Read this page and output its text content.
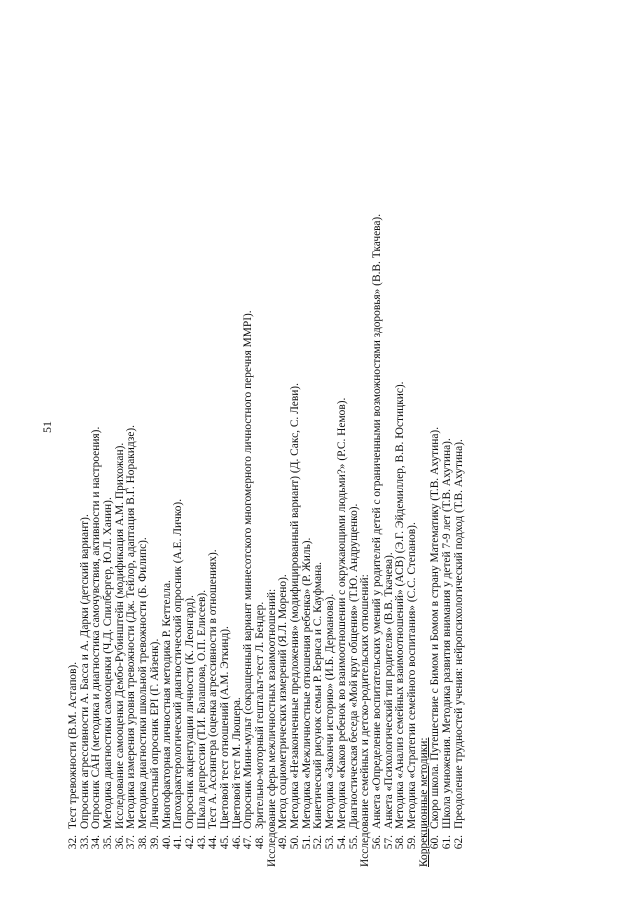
51
32.Тест тревожности (В.М. Астапов).
33.Опросник агрессивности А. Басса и А. Дарки (детский вариант).
34.Опросник САН (методика и диагностика самочувствия, активности и настроения).
35.Методика диагностики самооценки (Ч.Д. Спилбергер, Ю.Л. Ханин).
36.Исследование самооценки Дембо-Рубинштейн (модификация А.М. Прихожан).
37.Методика измерения уровня тревожности (Дж. Тейлор, адаптация В.Г. Норакидзе).
38.Методика диагностики школьной тревожности (Б. Филипс).
39.Личностный опросник EPI (Г. Айзенк).
40.Многофакторная личностная методика Р. Кеттелла.
41.Патохарактерологический диагностический опросник (А.Е. Личко).
42.Опросник акцентуации личности (К. Леонгард).
43.Шкала депрессии (Т.И. Балашова, О.П. Елисеев).
44.Тест А. Ассингера (оценка агрессивности в отношениях).
45.Цветовой тест отношений (А.М. Эткинд).
46.Цветовой тест М. Люшера.
47.Опросник Мини-мульт (сокращенный вариант миннесотского многомерного личностного перечня ММРI).
48.Зрительно-моторный гештальт-тест Л. Бендер. Исследование сферы межличностных взаимоотношений: 49.Метод социометрических измерений (Я.Л. Морено).
50.Методика «Незаконченные предложения» (модифицированный вариант) (Д. Сакс, С. Леви).
51.Методика «Межличностные отношения ребенка» (Р. Жиль).
52.Кинетический рисунок семьи Р. Бернса и С. Кауфмана.
53.Методика «Закончи историю» (И.Б. Дерманова).
54.Методика «Каков ребенок во взаимоотношении с окружающими людьми?» (Р.С. Немов).
55.Диагностическая беседа «Мой круг общения» (Т.Ю. Андрущенко). Исследование семейных и детско-родительских отношений: 56.Анкета «Определение воспитательских умений у родителей детей с ограниченными возможностями здоровья» (В.В. Ткачева).
57.Анкета «Психологический тип родителя» (В.В. Ткачева).
58.Методика «Анализ семейных взаимоотношений» (АСВ) (Э.Г. Эйдемиллер, В.В. Юстицкис).
59.Методика «Стратегии семейного воспитания» (С.С. Степанов). Коррекционные методики: 60.Скоро школа. Путешествие с Бимом и Бомом в страну Математику (Т.В. Ахутина).
61.Школа умножения. Методика развития внимания у детей 7-9 лет (Т.В. Ахутина).
62.Преодоление трудностей учения: нейропсихологический подход (Т.В. Ахутина).
